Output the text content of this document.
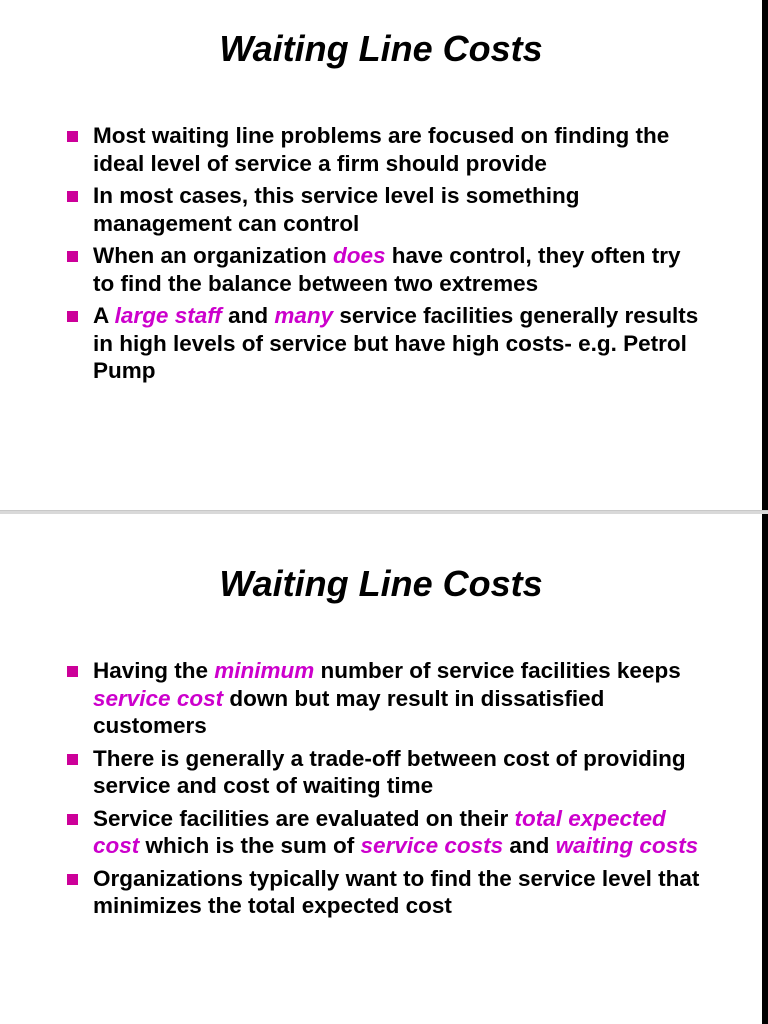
Waiting Line Costs
Most waiting line problems are focused on finding the ideal level of service a firm should provide
In most cases, this service level is something management can control
When an organization does have control, they often try to find the balance between two extremes
A large staff and many service facilities generally results in high levels of service but have high costs- e.g. Petrol Pump
Waiting Line Costs
Having the minimum number of service facilities keeps service cost down but may result in dissatisfied customers
There is generally a trade-off between cost of providing service and cost of waiting time
Service facilities are evaluated on their total expected cost which is the sum of service costs and waiting costs
Organizations typically want to find the service level that minimizes the total expected cost
